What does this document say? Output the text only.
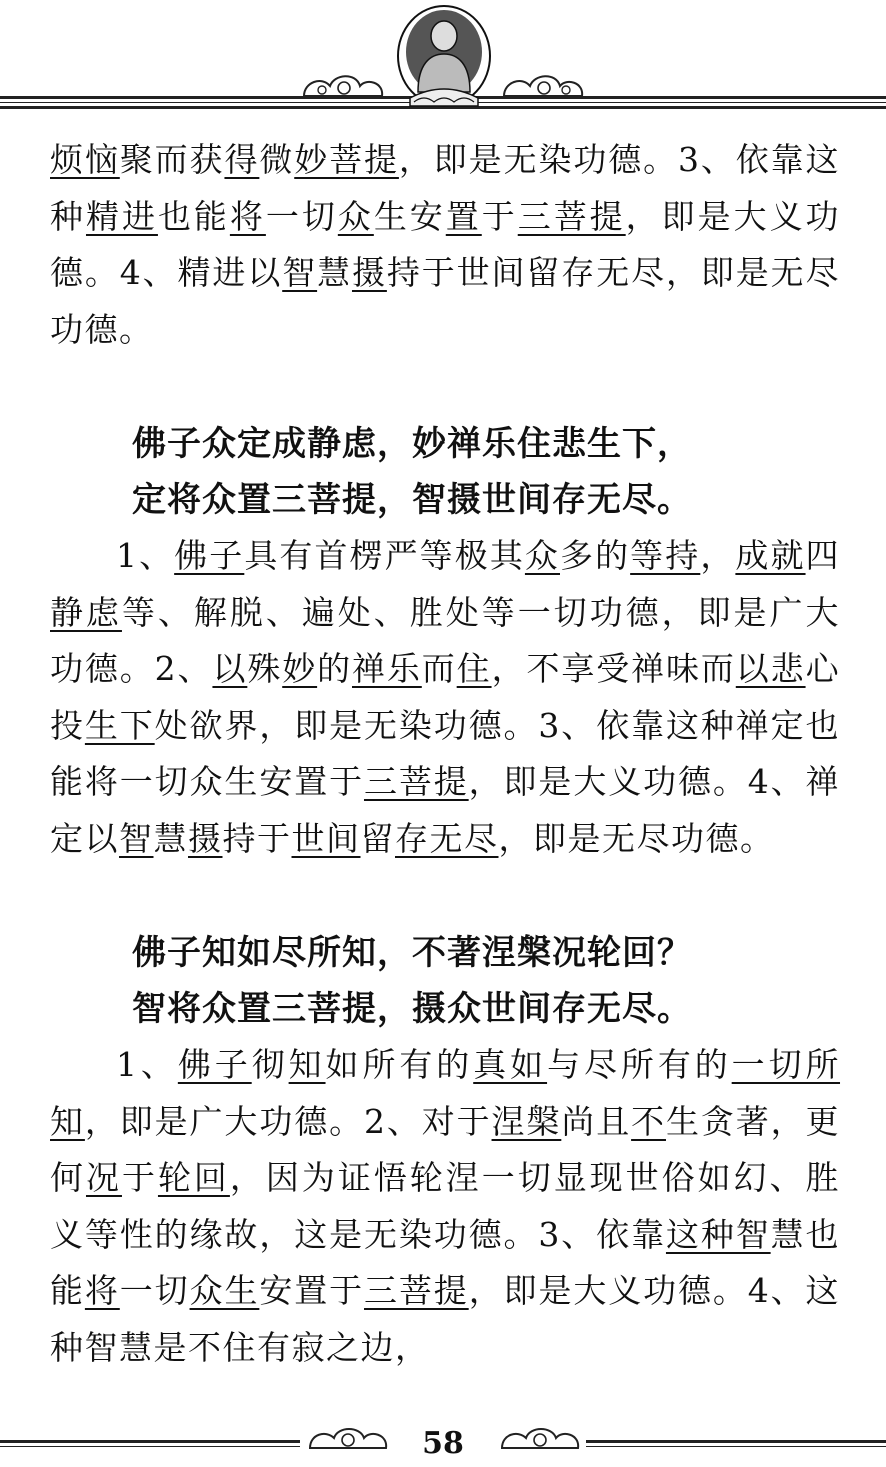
烦恼聚而获得微妙菩提，即是无染功德。3、依靠这种精进也能将一切众生安置于三菩提，即是大义功德。4、精进以智慧摄持于世间留存无尽，即是无尽功德。

佛子众定成静虑，妙禅乐住悲生下，

定将众置三菩提，智摄世间存无尽。

1、佛子具有首楞严等极其众多的等持，成就四静虑等、解脱、遍处、胜处等一切功德，即是广大功德。2、以殊妙的禅乐而住，不享受禅味而以悲心投生下处欲界，即是无染功德。3、依靠这种禅定也能将一切众生安置于三菩提，即是大义功德。4、禅定以智慧摄持于世间留存无尽，即是无尽功德。

佛子知如尽所知，不著涅槃况轮回？

智将众置三菩提，摄众世间存无尽。

1、佛子彻知如所有的真如与尽所有的一切所知，即是广大功德。2、对于涅槃尚且不生贪著，更何况于轮回，因为证悟轮涅一切显现世俗如幻、胜义等性的缘故，这是无染功德。3、依靠这种智慧也能将一切众生安置于三菩提，即是大义功德。4、这种智慧是不住有寂之边，

58
